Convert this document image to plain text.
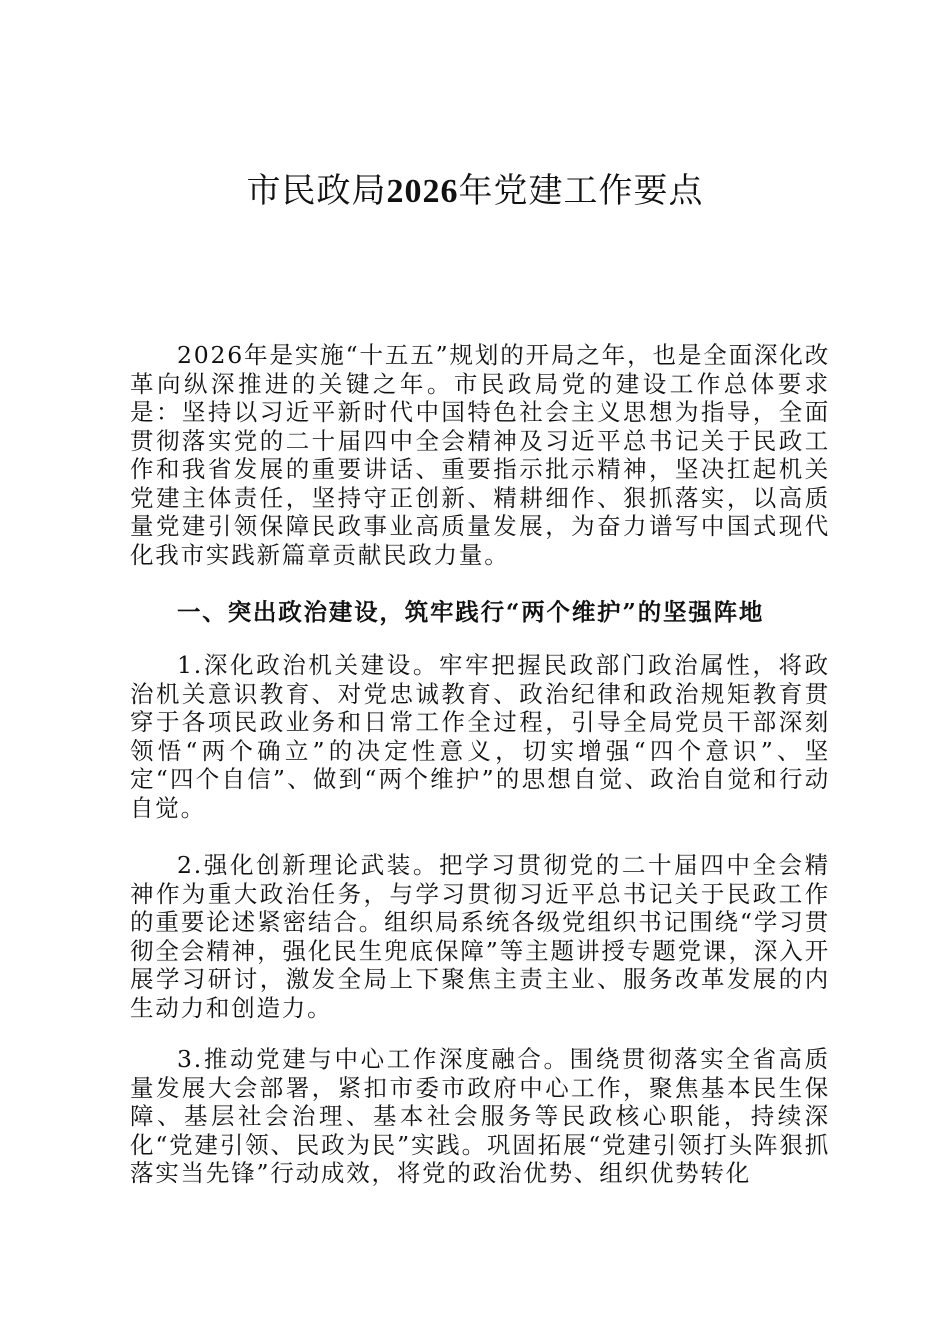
市民政局2026年党建工作要点

2026年是实施“十五五”规划的开局之年，也是全面深化改革向纵深推进的关键之年。市民政局党的建设工作总体要求是：坚持以习近平新时代中国特色社会主义思想为指导，全面贯彻落实党的二十届四中全会精神及习近平总书记关于民政工作和我省发展的重要讲话、重要指示批示精神，坚决扛起机关党建主体责任，坚持守正创新、精耕细作、狠抓落实，以高质量党建引领保障民政事业高质量发展，为奋力谱写中国式现代化我市实践新篇章贡献民政力量。

一、突出政治建设，筑牢践行“两个维护”的坚强阵地

1.深化政治机关建设。牢牢把握民政部门政治属性，将政治机关意识教育、对党忠诚教育、政治纪律和政治规矩教育贯穿于各项民政业务和日常工作全过程，引导全局党员干部深刻领悟“两个确立”的决定性意义，切实增强“四个意识”、坚定“四个自信”、做到“两个维护”的思想自觉、政治自觉和行动自觉。

2.强化创新理论武装。把学习贯彻党的二十届四中全会精神作为重大政治任务，与学习贯彻习近平总书记关于民政工作的重要论述紧密结合。组织局系统各级党组织书记围绕“学习贯彻全会精神，强化民生兜底保障”等主题讲授专题党课，深入开展学习研讨，激发全局上下聚焦主责主业、服务改革发展的内生动力和创造力。

3.推动党建与中心工作深度融合。围绕贯彻落实全省高质量发展大会部署，紧扣市委市政府中心工作，聚焦基本民生保障、基层社会治理、基本社会服务等民政核心职能，持续深化“党建引领、民政为民”实践。巩固拓展“党建引领打头阵狠抓落实当先锋”行动成效，将党的政治优势、组织优势转化
